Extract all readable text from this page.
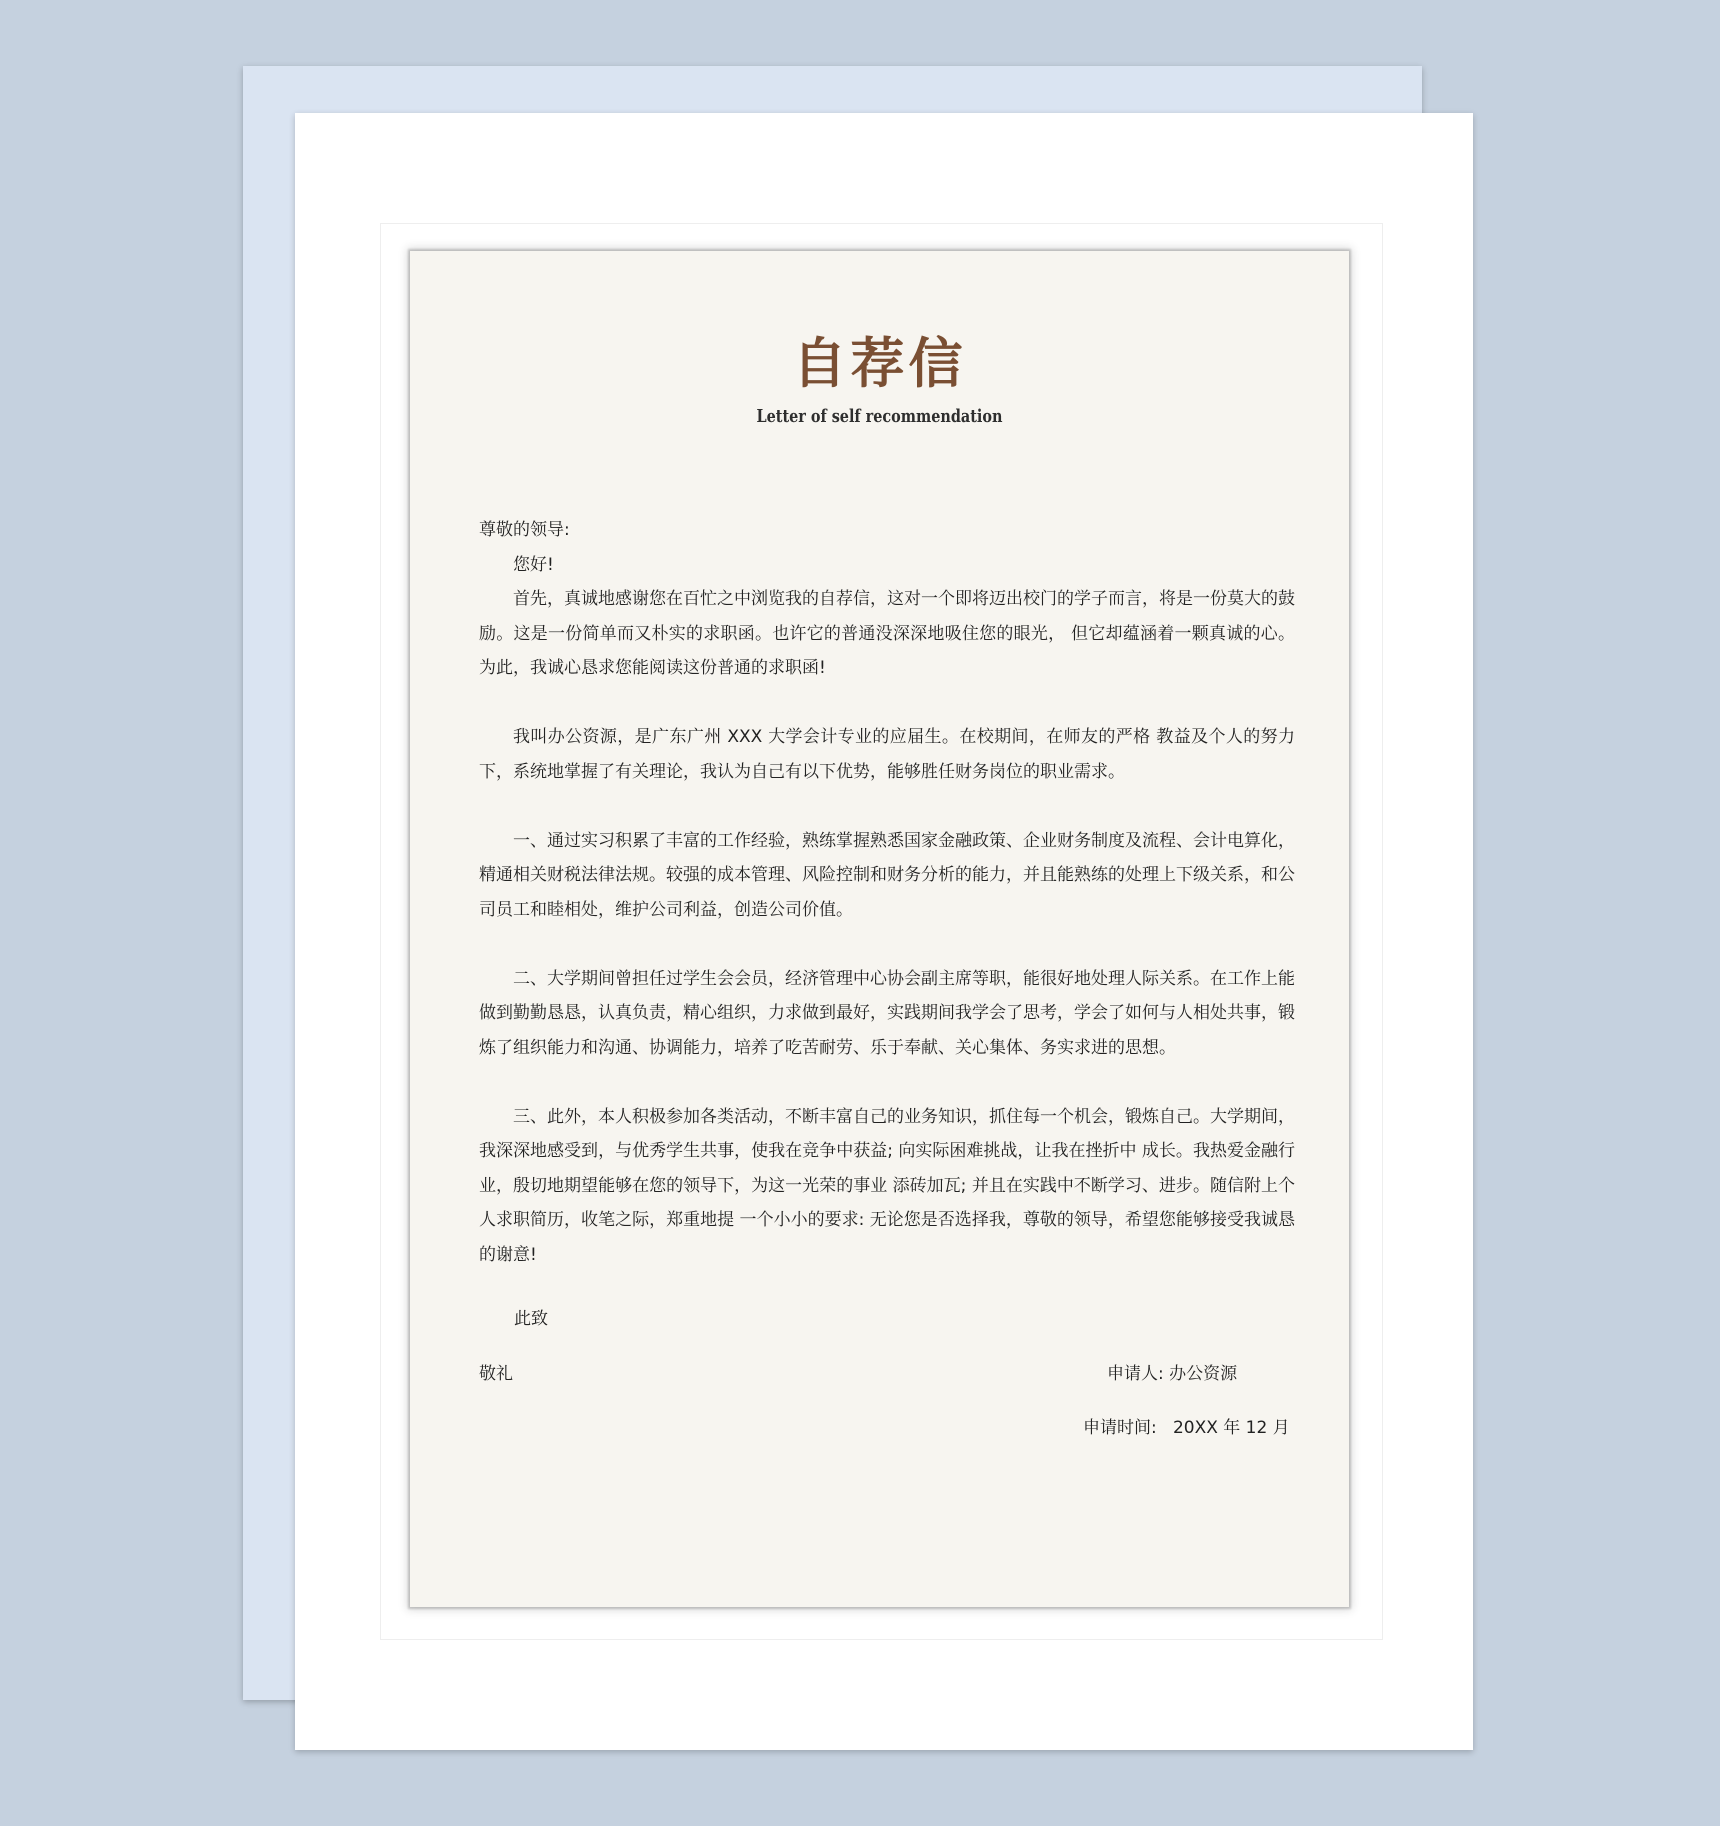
自荐信
Letter of self recommendation

尊敬的领导:

您好!

首先，真诚地感谢您在百忙之中浏览我的自荐信，这对一个即将迈出校门的学子而言，将是一份莫大的鼓励。这是一份简单而又朴实的求职函。也许它的普通没深深地吸住您的眼光， 但它却蕴涵着一颗真诚的心。为此，我诚心恳求您能阅读这份普通的求职函!

我叫办公资源，是广东广州 XXX 大学会计专业的应届生。在校期间，在师友的严格 教益及个人的努力下，系统地掌握了有关理论，我认为自己有以下优势，能够胜任财务岗位的职业需求。

一、通过实习积累了丰富的工作经验，熟练掌握熟悉国家金融政策、企业财务制度及流程、会计电算化，精通相关财税法律法规。较强的成本管理、风险控制和财务分析的能力，并且能熟练的处理上下级关系，和公司员工和睦相处，维护公司利益，创造公司价值。

二、大学期间曾担任过学生会会员，经济管理中心协会副主席等职，能很好地处理人际关系。在工作上能做到勤勤恳恳，认真负责，精心组织，力求做到最好，实践期间我学会了思考，学会了如何与人相处共事，锻炼了组织能力和沟通、协调能力，培养了吃苦耐劳、乐于奉献、关心集体、务实求进的思想。

三、此外，本人积极参加各类活动，不断丰富自己的业务知识，抓住每一个机会，锻炼自己。大学期间，我深深地感受到，与优秀学生共事，使我在竞争中获益; 向实际困难挑战，让我在挫折中 成长。我热爱金融行业，殷切地期望能够在您的领导下，为这一光荣的事业 添砖加瓦; 并且在实践中不断学习、进步。随信附上个人求职简历，收笔之际，郑重地提 一个小小的要求: 无论您是否选择我，尊敬的领导，希望您能够接受我诚恳的谢意!

此致
敬礼	申请人: 办公资源
申请时间:   20XX 年 12 月
